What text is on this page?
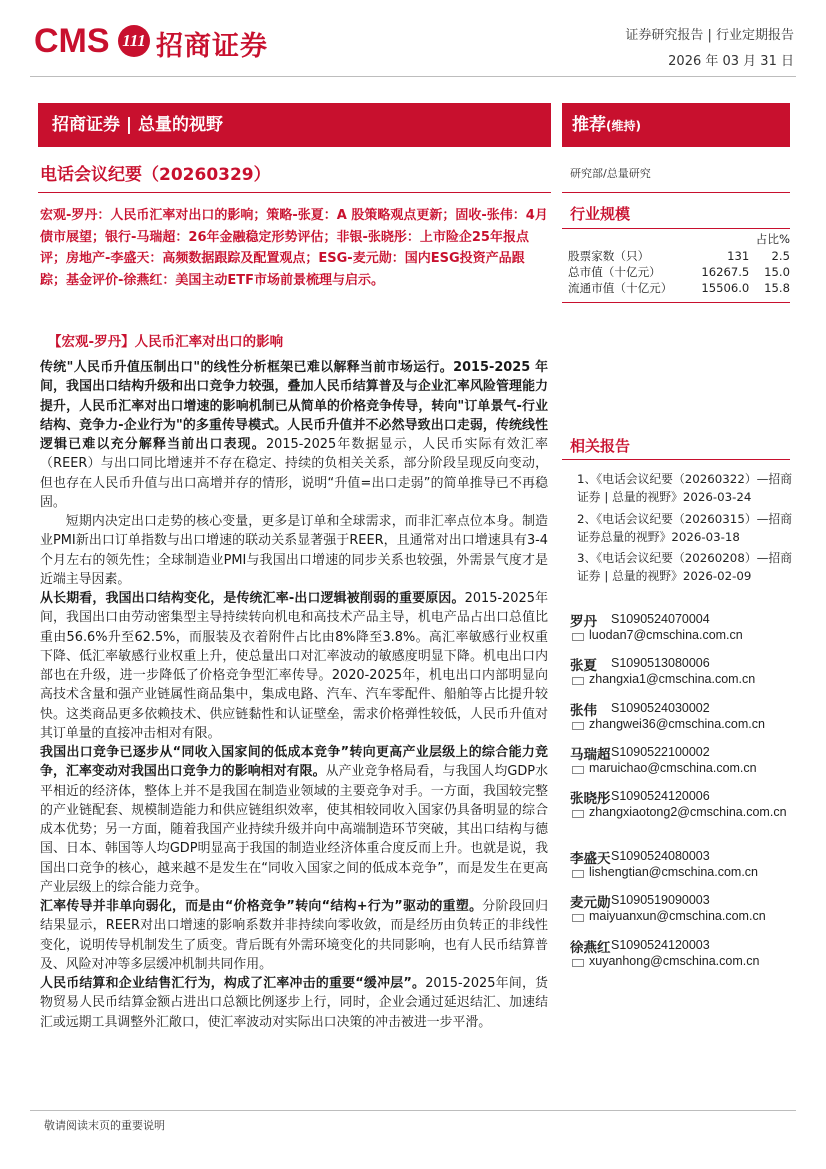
CMS 111 招商证券	证券研究报告 | 行业定期报告
2026 年 03 月 31 日
招商证券 | 总量的视野	推荐(维持)
电话会议纪要（20260329）
宏观-罗丹：人民币汇率对出口的影响；策略-张夏：A 股策略观点更新；固收-张伟：4月债市展望；银行-马瑞超：26年金融稳定形势评估；非银-张晓彤：上市险企25年报点评；房地产-李盛天：高频数据跟踪及配置观点；ESG-麦元勋：国内ESG投资产品跟踪；基金评价-徐燕红：美国主动ETF市场前景梳理与启示。
【宏观-罗丹】人民币汇率对出口的影响

传统"人民币升值压制出口"的线性分析框架已难以解释当前市场运行。2015-2025 年间，我国出口结构升级和出口竞争力较强，叠加人民币结算普及与企业汇率风险管理能力提升，人民币汇率对出口增速的影响机制已从简单的价格竞争传导，转向"订单景气-行业结构、竞争力-企业行为"的多重传导模式。人民币升值并不必然导致出口走弱，传统线性逻辑已难以充分解释当前出口表现。2015-2025年数据显示，人民币实际有效汇率（REER）与出口同比增速并不存在稳定、持续的负相关关系，部分阶段呈现反向变动，但也存在人民币升值与出口高增并存的情形，说明“升值=出口走弱”的简单推导已不再稳固。

短期内决定出口走势的核心变量，更多是订单和全球需求，而非汇率点位本身。制造业PMI新出口订单指数与出口增速的联动关系显著强于REER，且通常对出口增速具有3-4个月左右的领先性；全球制造业PMI与我国出口增速的同步关系也较强，外需景气度才是近端主导因素。

从长期看，我国出口结构变化，是传统汇率-出口逻辑被削弱的重要原因。2015-2025年间，我国出口由劳动密集型主导持续转向机电和高技术产品主导，机电产品占出口总值比重由56.6%升至62.5%，而服装及衣着附件占比由8%降至3.8%。高汇率敏感行业权重下降、低汇率敏感行业权重上升，使总量出口对汇率波动的敏感度明显下降。机电出口内部也在升级，进一步降低了价格竞争型汇率传导。2020-2025年，机电出口内部明显向高技术含量和强产业链属性商品集中，集成电路、汽车、汽车零配件、船舶等占比提升较快。这类商品更多依赖技术、供应链黏性和认证壁垒，需求价格弹性较低，人民币升值对其订单量的直接冲击相对有限。

我国出口竞争已逐步从“同收入国家间的低成本竞争”转向更高产业层级上的综合能力竞争，汇率变动对我国出口竞争力的影响相对有限。从产业竞争格局看，与我国人均GDP水平相近的经济体，整体上并不是我国在制造业领域的主要竞争对手。一方面，我国较完整的产业链配套、规模制造能力和供应链组织效率，使其相较同收入国家仍具备明显的综合成本优势；另一方面，随着我国产业持续升级并向中高端制造环节突破，其出口结构与德国、日本、韩国等人均GDP明显高于我国的制造业经济体重合度反而上升。也就是说，我国出口竞争的核心，越来越不是发生在“同收入国家之间的低成本竞争”，而是发生在更高产业层级上的综合能力竞争。

汇率传导并非单向弱化，而是由“价格竞争”转向“结构+行为”驱动的重塑。分阶段回归结果显示，REER对出口增速的影响系数并非持续向零收敛，而是经历由负转正的非线性变化，说明传导机制发生了质变。背后既有外需环境变化的共同影响，也有人民币结算普及、风险对冲等多层缓冲机制共同作用。

人民币结算和企业结售汇行为，构成了汇率冲击的重要“缓冲层”。2015-2025年间，货物贸易人民币结算金额占进出口总额比例逐步上行，同时，企业会通过延迟结汇、加速结汇或远期工具调整外汇敞口，使汇率波动对实际出口决策的冲击被进一步平滑。

研究部/总量研究
行业规模
		占比%
股票家数（只）	131	2.5
总市值（十亿元）	16267.5	15.0
流通市值（十亿元）	15506.0	15.8
相关报告
1、《电话会议纪要（20260322）—招商证券 | 总量的视野》2026-03-24
2、《电话会议纪要（20260315）—招商证券总量的视野》2026-03-18
3、《电话会议纪要（20260208）—招商证券 | 总量的视野》2026-02-09
罗丹 S1090524070004
luodan7@cmschina.com.cn
张夏 S1090513080006
zhangxia1@cmschina.com.cn
张伟 S1090524030002
zhangwei36@cmschina.com.cn
马瑞超 S1090522100002
maruichao@cmschina.com.cn
张晓彤 S1090524120006
zhangxiaotong2@cmschina.com.cn
李盛天 S1090524080003
lishengtian@cmschina.com.cn
麦元勋 S1090519090003
maiyuanxun@cmschina.com.cn
徐燕红 S1090524120003
xuyanhong@cmschina.com.cn
敬请阅读末页的重要说明
